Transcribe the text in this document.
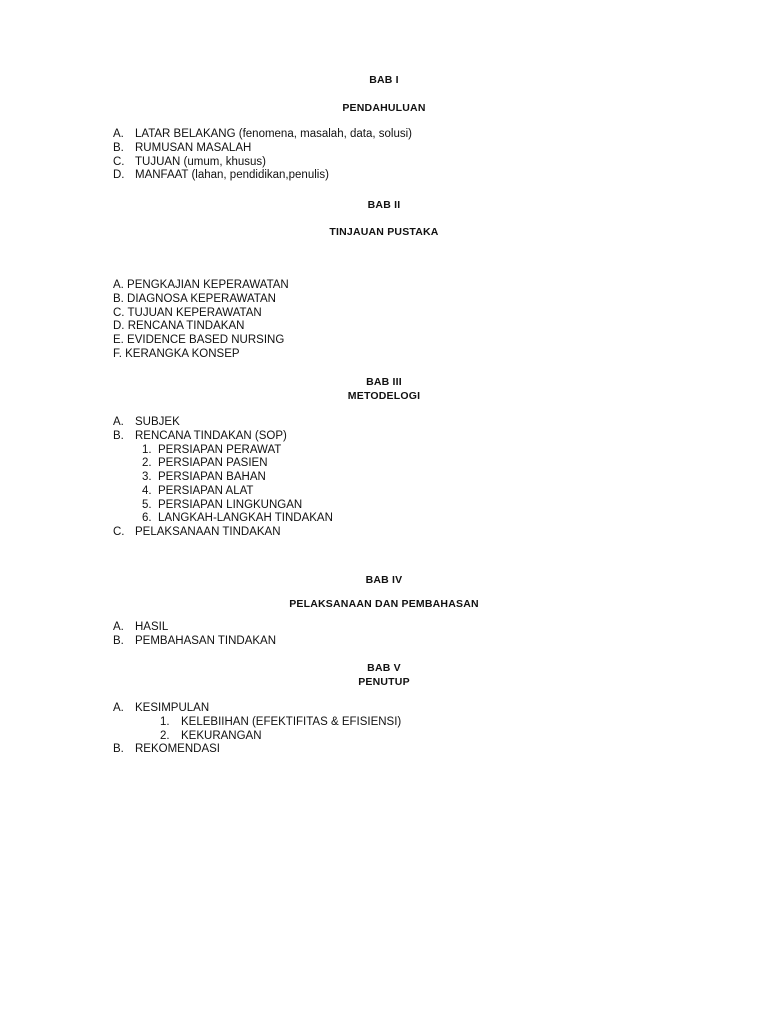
BAB I
PENDAHULUAN
A. LATAR BELAKANG (fenomena, masalah, data, solusi)
B. RUMUSAN MASALAH
C. TUJUAN (umum, khusus)
D. MANFAAT (lahan, pendidikan,penulis)
BAB II
TINJAUAN PUSTAKA
A. PENGKAJIAN KEPERAWATAN
B. DIAGNOSA KEPERAWATAN
C. TUJUAN KEPERAWATAN
D. RENCANA TINDAKAN
E. EVIDENCE BASED NURSING
F. KERANGKA KONSEP
BAB III
METODELOGI
A. SUBJEK
B. RENCANA TINDAKAN (SOP)
1. PERSIAPAN PERAWAT
2. PERSIAPAN PASIEN
3. PERSIAPAN BAHAN
4. PERSIAPAN ALAT
5. PERSIAPAN LINGKUNGAN
6. LANGKAH-LANGKAH TINDAKAN
C. PELAKSANAAN TINDAKAN
BAB IV
PELAKSANAAN DAN PEMBAHASAN
A. HASIL
B. PEMBAHASAN TINDAKAN
BAB V
PENUTUP
A. KESIMPULAN
1. KELEBIIHAN (EFEKTIFITAS & EFISIENSI)
2. KEKURANGAN
B. REKOMENDASI
